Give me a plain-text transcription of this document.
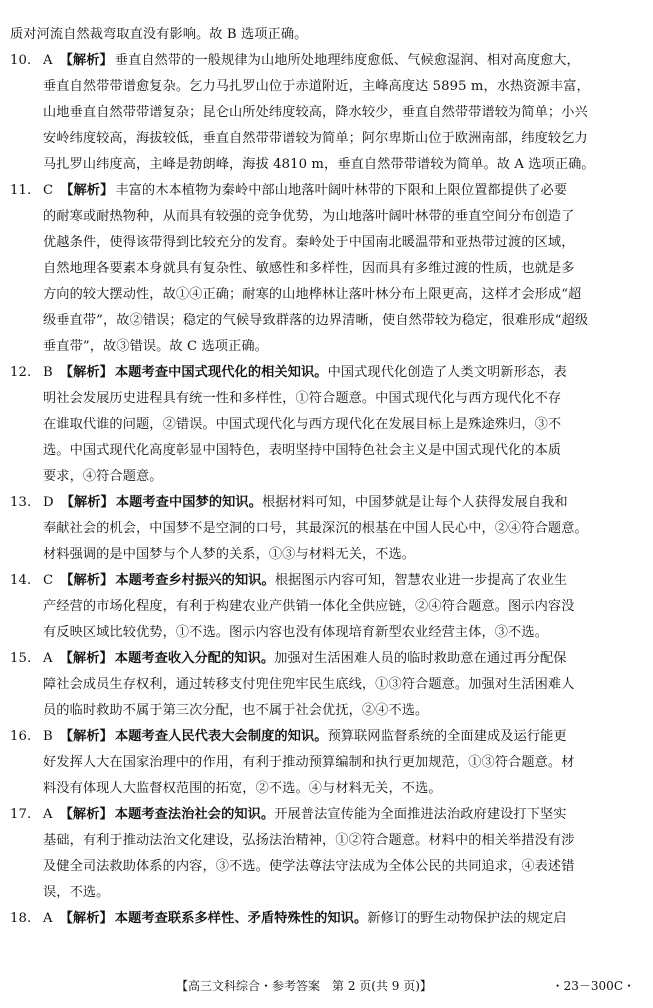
质对河流自然裁弯取直没有影响。故 B 选项正确。
10. A 【解析】 垂直自然带的一般规律为山地所处地理纬度愈低、气候愈湿润、相对高度愈大，
垂直自然带带谱愈复杂。乞力马扎罗山位于赤道附近，主峰高度达 5895 m，水热资源丰富，
山地垂直自然带带谱复杂；昆仑山所处纬度较高，降水较少，垂直自然带带谱较为简单；小兴
安岭纬度较高，海拔较低，垂直自然带带谱较为简单；阿尔卑斯山位于欧洲南部，纬度较乞力
马扎罗山纬度高，主峰是勃朗峰，海拔 4810 m，垂直自然带带谱较为简单。故 A 选项正确。
11. C 【解析】 丰富的木本植物为秦岭中部山地落叶阔叶林带的下限和上限位置都提供了必要
的耐寒或耐热物种，从而具有较强的竞争优势，为山地落叶阔叶林带的垂直空间分布创造了
优越条件，使得该带得到比较充分的发育。秦岭处于中国南北暖温带和亚热带过渡的区域，
自然地理各要素本身就具有复杂性、敏感性和多样性，因而具有多维过渡的性质，也就是多
方向的较大摆动性，故①④正确；耐寒的山地桦林让落叶林分布上限更高，这样才会形成“超
级垂直带”，故②错误；稳定的气候导致群落的边界清晰，使自然带较为稳定，很难形成“超级
垂直带”，故③错误。故 C 选项正确。
12. B 【解析】 本题考查中国式现代化的相关知识。中国式现代化创造了人类文明新形态，表
明社会发展历史进程具有统一性和多样性，①符合题意。中国式现代化与西方现代化不存
在谁取代谁的问题，②错误。中国式现代化与西方现代化在发展目标上是殊途殊归，③不
选。中国式现代化高度彰显中国特色，表明坚持中国特色社会主义是中国式现代化的本质
要求，④符合题意。
13. D 【解析】 本题考查中国梦的知识。根据材料可知，中国梦就是让每个人获得发展自我和
奉献社会的机会，中国梦不是空洞的口号，其最深沉的根基在中国人民心中，②④符合题意。
材料强调的是中国梦与个人梦的关系，①③与材料无关，不选。
14. C 【解析】 本题考查乡村振兴的知识。根据图示内容可知，智慧农业进一步提高了农业生
产经营的市场化程度，有利于构建农业产供销一体化全供应链，②④符合题意。图示内容没
有反映区域比较优势，①不选。图示内容也没有体现培育新型农业经营主体，③不选。
15. A 【解析】 本题考查收入分配的知识。加强对生活困难人员的临时救助意在通过再分配保
障社会成员生存权利，通过转移支付兜住兜牢民生底线，①③符合题意。加强对生活困难人
员的临时救助不属于第三次分配，也不属于社会优抚，②④不选。
16. B 【解析】 本题考查人民代表大会制度的知识。预算联网监督系统的全面建成及运行能更
好发挥人大在国家治理中的作用，有利于推动预算编制和执行更加规范，①③符合题意。材
料没有体现人大监督权范围的拓宽，②不选。④与材料无关，不选。
17. A 【解析】 本题考查法治社会的知识。开展普法宣传能为全面推进法治政府建设打下坚实
基础，有利于推动法治文化建设，弘扬法治精神，①②符合题意。材料中的相关举措没有涉
及健全司法救助体系的内容，③不选。使学法尊法守法成为全体公民的共同追求，④表述错
误，不选。
18. A 【解析】 本题考查联系多样性、矛盾特殊性的知识。新修订的野生动物保护法的规定启
【高三文科综合・参考答案　第 2 页(共 9 页)】	・23－300C・
